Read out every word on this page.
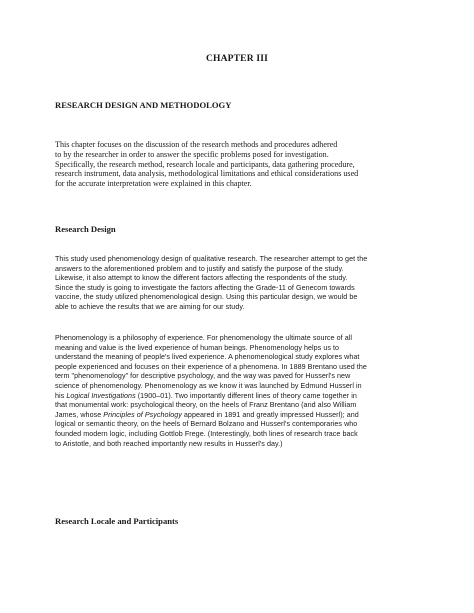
CHAPTER III
RESEARCH DESIGN AND METHODOLOGY

This chapter focuses on the discussion of the research methods and procedures adhered
to by the researcher in order to answer the specific problems posed for investigation.
Specifically, the research method, research locale and participants, data gathering procedure,
research instrument, data analysis, methodological limitations and ethical considerations used
for the accurate interpretation were explained in this chapter.

Research Design

This study used phenomenology design of qualitative research. The researcher attempt to get the
answers to the aforementioned problem and to justify and satisfy the purpose of the study.
Likewise, it also attempt to know the different factors affecting the respondents of the study.
Since the study is going to investigate the factors affecting the Grade-11 of Genecom towards
vaccine, the study utilized phenomenological design. Using this particular design, we would be
able to achieve the results that we are aiming for our study.

Phenomenology is a philosophy of experience. For phenomenology the ultimate source of all
meaning and value is the lived experience of human beings. Phenomenology helps us to
understand the meaning of people's lived experience. A phenomenological study explores what
people experienced and focuses on their experience of a phenomena. In 1889 Brentano used the
term "phenomenology" for descriptive psychology, and the way was paved for Husserl's new
science of phenomenology. Phenomenology as we know it was launched by Edmund Husserl in
his Logical Investigations (1900–01). Two importantly different lines of theory came together in
that monumental work: psychological theory, on the heels of Franz Brentano (and also William
James, whose Principles of Psychology appeared in 1891 and greatly impressed Husserl); and
logical or semantic theory, on the heels of Bernard Bolzano and Husserl's contemporaries who
founded modern logic, including Gottlob Frege. (Interestingly, both lines of research trace back
to Aristotle, and both reached importantly new results in Husserl's day.)

Research Locale and Participants
